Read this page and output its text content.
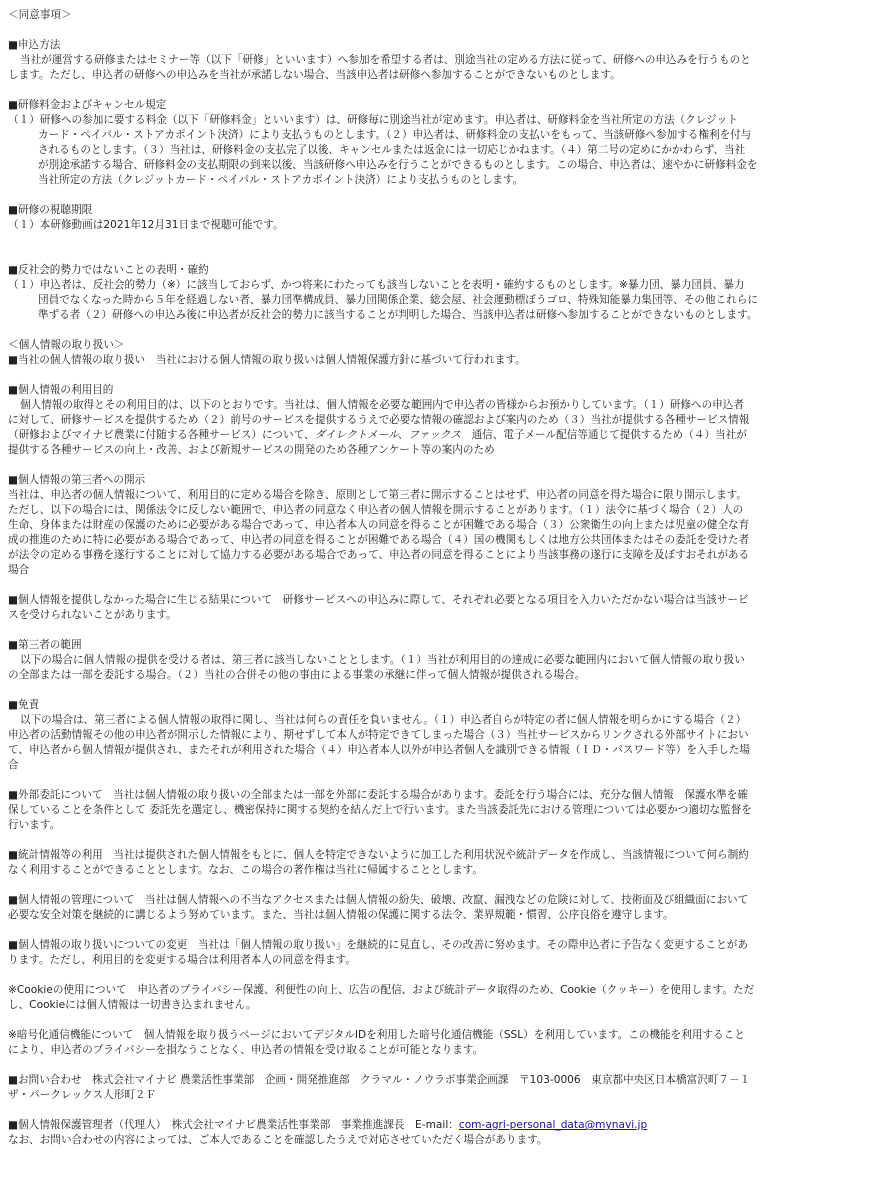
＜同意事項＞
■申込方法
当社が運営する研修またはセミナー等（以下「研修」といいます）へ参加を希望する者は、別途当社の定める方法に従って、研修への申込みを行うものと
します。ただし、申込者の研修への申込みを当社が承諾しない場合、当該申込者は研修へ参加することができないものとします。
■研修料金およびキャンセル規定
（１）研修への参加に要する料金（以下「研修料金」といいます）は、研修毎に別途当社が定めます。申込者は、研修料金を当社所定の方法（クレジット
カード・ペイパル・ストアカポイント決済）により支払うものとします。（２）申込者は、研修料金の支払いをもって、当該研修へ参加する権利を付与
されるものとします。（３）当社は、研修料金の支払完了以後、キャンセルまたは返金には一切応じかねます。（４）第二号の定めにかかわらず、当社
が別途承諾する場合、研修料金の支払期限の到来以後、当該研修へ申込みを行うことができるものとします。この場合、申込者は、速やかに研修料金を
当社所定の方法（クレジットカード・ペイパル・ストアカポイント決済）により支払うものとします。
■研修の視聴期限
（１）本研修動画は2021年12月31日まで視聴可能です。
■反社会的勢力ではないことの表明・確約
（１）申込者は、反社会的勢力（※）に該当しておらず、かつ将来にわたっても該当しないことを表明・確約するものとします。※暴力団、暴力団員、暴力
団員でなくなった時から５年を経過しない者、暴力団準構成員、暴力団関係企業、総会屋、社会運動標ぼうゴロ、特殊知能暴力集団等、その他これらに
準ずる者（２）研修への申込み後に申込者が反社会的勢力に該当することが判明した場合、当該申込者は研修へ参加することができないものとします。
＜個人情報の取り扱い＞
■当社の個人情報の取り扱い　当社における個人情報の取り扱いは個人情報保護方針に基づいて行われます。
■個人情報の利用目的
個人情報の取得とその利用目的は、以下のとおりです。当社は、個人情報を必要な範囲内で申込者の皆様からお預かりしています。（１）研修への申込者
に対して、研修サービスを提供するため（２）前号のサービスを提供するうえで必要な情報の確認および案内のため（３）当社が提供する各種サービス情報
（研修およびマイナビ農業に付随する各種サービス）について、ダイレクトメール、ファックス　通信、電子メール配信等通じて提供するため（４）当社が
提供する各種サービスの向上・改善、および新規サービスの開発のため各種アンケート等の案内のため
■個人情報の第三者への開示
当社は、申込者の個人情報について、利用目的に定める場合を除き、原則として第三者に開示することはせず、申込者の同意を得た場合に限り開示します。
ただし、以下の場合には、関係法令に反しない範囲で、申込者の同意なく申込者の個人情報を開示することがあります。（１）法令に基づく場合（２）人の
生命、身体または財産の保護のために必要がある場合であって、申込者本人の同意を得ることが困難である場合（３）公衆衛生の向上または児童の健全な育
成の推進のために特に必要がある場合であって、申込者の同意を得ることが困難である場合（４）国の機関もしくは地方公共団体またはその委託を受けた者
が法令の定める事務を遂行することに対して協力する必要がある場合であって、申込者の同意を得ることにより当該事務の遂行に支障を及ぼすおそれがある
場合
■個人情報を提供しなかった場合に生じる結果について　研修サービスへの申込みに際して、それぞれ必要となる項目を入力いただかない場合は当該サービ
スを受けられないことがあります。
■第三者の範囲
以下の場合に個人情報の提供を受ける者は、第三者に該当しないこととします。（１）当社が利用目的の達成に必要な範囲内において個人情報の取り扱い
の全部または一部を委託する場合。（２）当社の合併その他の事由による事業の承継に伴って個人情報が提供される場合。
■免責
以下の場合は、第三者による個人情報の取得に関し、当社は何らの責任を負いません。（１）申込者自らが特定の者に個人情報を明らかにする場合（２）
申込者の活動情報その他の申込者が開示した情報により、期せずして本人が特定できてしまった場合（３）当社サービスからリンクされる外部サイトにおい
て、申込者から個人情報が提供され、またそれが利用された場合（４）申込者本人以外が申込者個人を識別できる情報（ＩＤ・パスワード等）を入手した場
合
■外部委託について　当社は個人情報の取り扱いの全部または一部を外部に委託する場合があります。委託を行う場合には、充分な個人情報　保護水準を確
保していることを条件として 委託先を選定し、機密保持に関する契約を結んだ上で行います。また当該委託先における管理については必要かつ適切な監督を
行います。
■統計情報等の利用　当社は提供された個人情報をもとに、個人を特定できないように加工した利用状況や統計データを作成し、当該情報について何ら制約
なく利用することができることとします。なお、この場合の著作権は当社に帰属することとします。
■個人情報の管理について　当社は個人情報への不当なアクセスまたは個人情報の紛失、破壊、改竄、漏洩などの危険に対して、技術面及び組織面において
必要な安全対策を継続的に講じるよう努めています。また、当社は個人情報の保護に関する法令、業界規範・慣習、公序良俗を遵守します。
■個人情報の取り扱いについての変更　当社は「個人情報の取り扱い」を継続的に見直し、その改善に努めます。その際申込者に予告なく変更することがあ
ります。ただし、利用目的を変更する場合は利用者本人の同意を得ます。
※Cookieの使用について　申込者のプライバシー保護、利便性の向上、広告の配信、および統計データ取得のため、Cookie（クッキー）を使用します。ただ
し、Cookieには個人情報は一切書き込まれません。
※暗号化通信機能について　個人情報を取り扱うページにおいてデジタルIDを利用した暗号化通信機能（SSL）を利用しています。この機能を利用すること
により、申込者のプライバシーを損なうことなく、申込者の情報を受け取ることが可能となります。
■お問い合わせ　株式会社マイナビ 農業活性事業部　企画・開発推進部　クラマル・ノウラボ事業企画課　〒103-0006　東京都中央区日本橋富沢町７－１
ザ・パークレックス人形町２Ｆ
■個人情報保護管理者（代理人）　株式会社マイナビ農業活性事業部　事業推進課長　E-mail：com-agri-personal_data@mynavi.jp
なお、お問い合わせの内容によっては、ご本人であることを確認したうえで対応させていただく場合があります。
